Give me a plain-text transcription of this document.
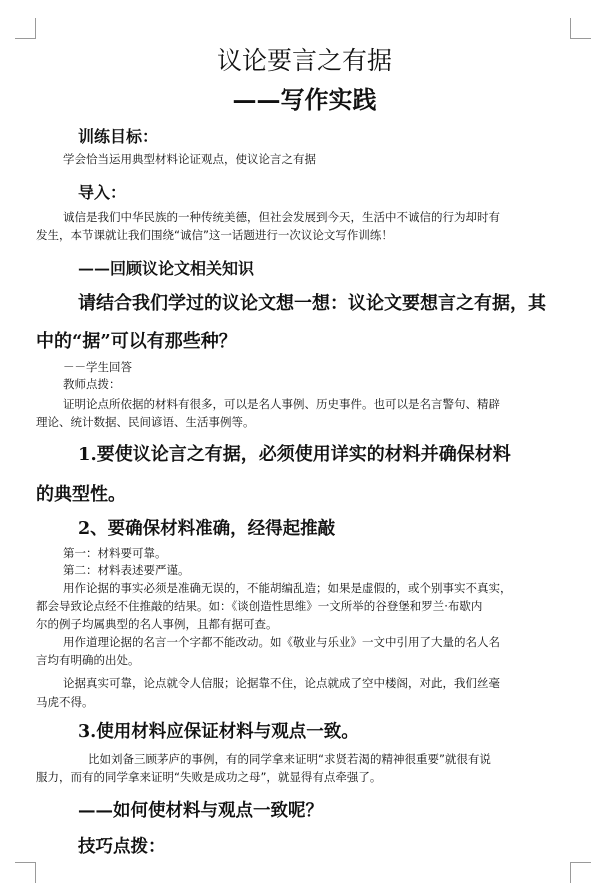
议论要言之有据
——写作实践
训练目标：
学会恰当运用典型材料论证观点，使议论言之有据
导入：
诚信是我们中华民族的一种传统美德，但社会发展到今天，生活中不诚信的行为却时有
发生，本节课就让我们围绕“诚信”这一话题进行一次议论文写作训练！
——回顾议论文相关知识
请结合我们学过的议论文想一想：议论文要想言之有据，其
中的“据”可以有那些种？
－－学生回答
教师点拨：
证明论点所依据的材料有很多，可以是名人事例、历史事件。也可以是名言警句、精辟
理论、统计数据、民间谚语、生活事例等。
1.要使议论言之有据，必须使用详实的材料并确保材料
的典型性。
2、要确保材料准确，经得起推敲
第一：材料要可靠。
第二：材料表述要严谨。
用作论据的事实必须是准确无误的，不能胡编乱造；如果是虚假的，或个别事实不真实，
都会导致论点经不住推敲的结果。如：《谈创造性思维》一文所举的谷登堡和罗兰·布歇内
尔的例子均属典型的名人事例，且都有据可查。
用作道理论据的名言一个字都不能改动。如《敬业与乐业》一文中引用了大量的名人名
言均有明确的出处。
论据真实可靠，论点就令人信服；论据靠不住，论点就成了空中楼阁，对此，我们丝毫
马虎不得。
3.使用材料应保证材料与观点一致。
比如刘备三顾茅庐的事例，有的同学拿来证明“求贤若渴的精神很重要”就很有说
服力，而有的同学拿来证明“失败是成功之母”，就显得有点牵强了。
——如何使材料与观点一致呢？
技巧点拨：
